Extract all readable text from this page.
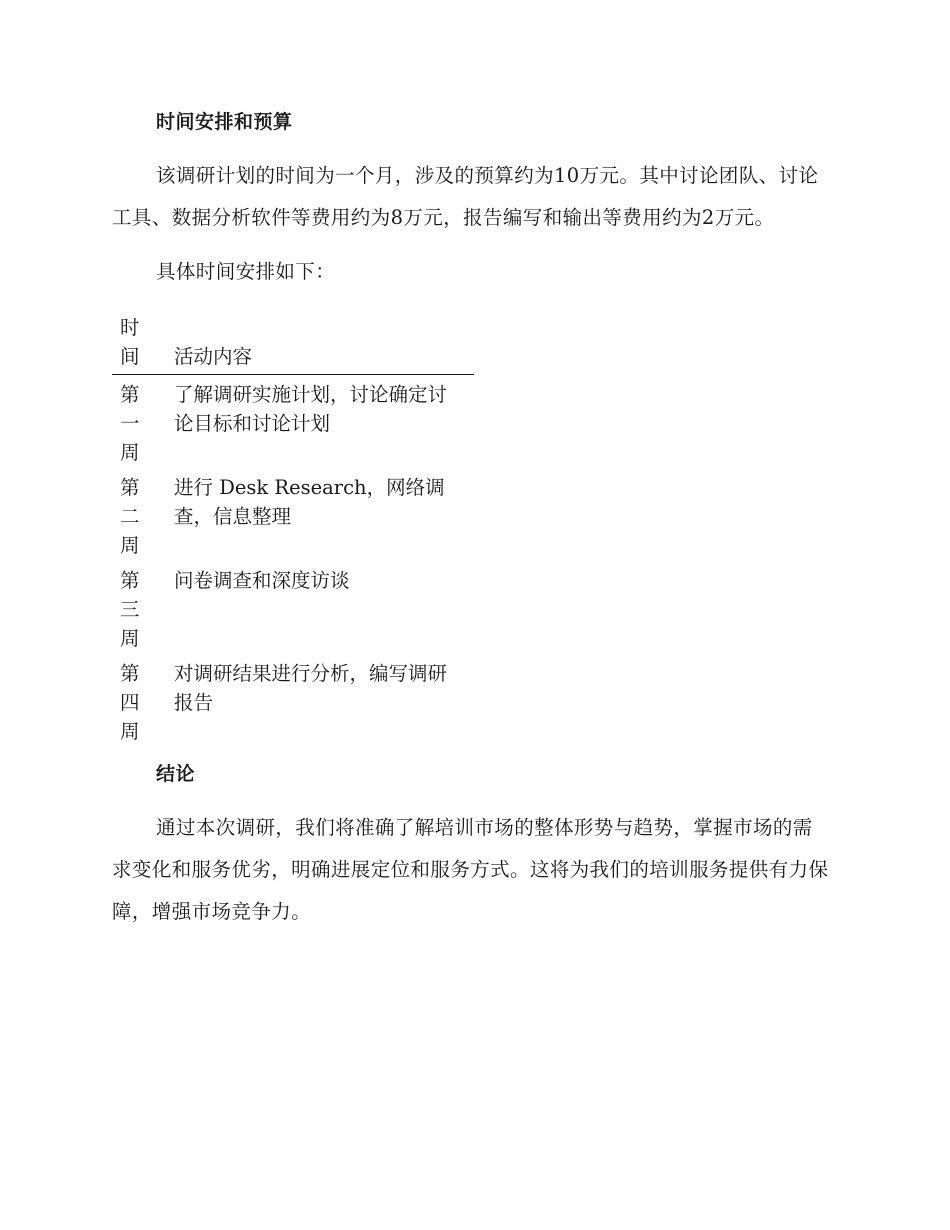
时间安排和预算

该调研计划的时间为一个月，涉及的预算约为10万元。其中讨论团队、讨论工具、数据分析软件等费用约为8万元，报告编写和输出等费用约为2万元。

具体时间安排如下：

时间	活动内容
第一周	了解调研实施计划，讨论确定讨论目标和讨论计划
第二周	进行 Desk Research，网络调查，信息整理
第三周	问卷调查和深度访谈
第四周	对调研结果进行分析，编写调研报告
结论

通过本次调研，我们将准确了解培训市场的整体形势与趋势，掌握市场的需求变化和服务优劣，明确进展定位和服务方式。这将为我们的培训服务提供有力保障，增强市场竞争力。
